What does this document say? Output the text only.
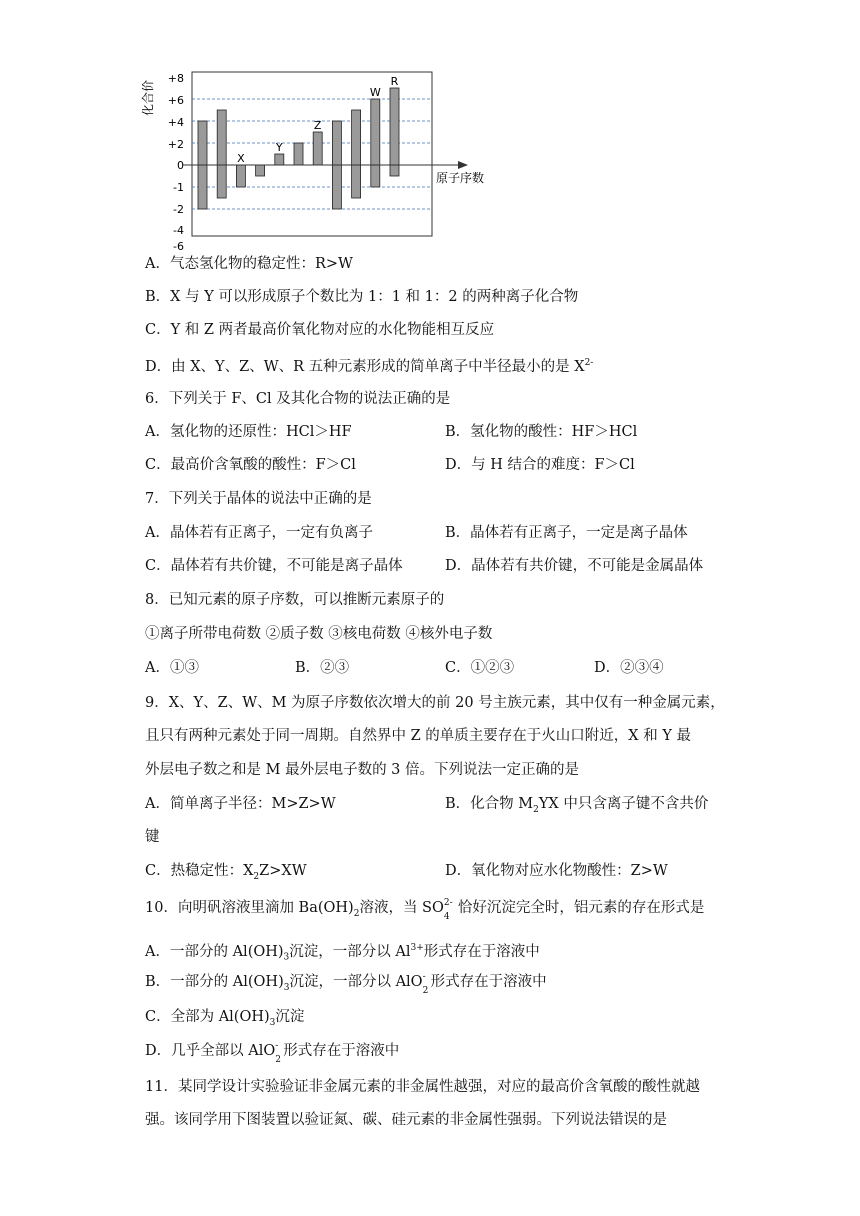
化合价
+8
+6
+4
+2
0
-1
-2
-4
-6
X
Y
Z
W
R
原子序数
A．气态氢化物的稳定性：R>W
B．X 与 Y 可以形成原子个数比为 1：1 和 1：2 的两种离子化合物
C．Y 和 Z 两者最高价氧化物对应的水化物能相互反应
D．由 X、Y、Z、W、R 五种元素形成的简单离子中半径最小的是 $X^{2-}$
6．下列关于 F、Cl 及其化合物的说法正确的是
A．氢化物的还原性：HCl＞HF	B．氢化物的酸性：HF＞HCl
C．最高价含氧酸的酸性：F＞Cl	D．与 H 结合的难度：F＞Cl
7．下列关于晶体的说法中正确的是
A．晶体若有正离子，一定有负离子	B．晶体若有正离子，一定是离子晶体
C．晶体若有共价键，不可能是离子晶体	D．晶体若有共价键，不可能是金属晶体
8．已知元素的原子序数，可以推断元素原子的
①离子所带电荷数 ②质子数 ③核电荷数 ④核外电子数
A．①③	B．②③	C．①②③	D．②③④
9．X、Y、Z、W、M 为原子序数依次增大的前 20 号主族元素，其中仅有一种金属元素，
且只有两种元素处于同一周期。自然界中 Z 的单质主要存在于火山口附近，X 和 Y 最
外层电子数之和是 M 最外层电子数的 3 倍。下列说法一定正确的是
A．简单离子半径：M>Z>W	B．化合物 $M_2YX$ 中只含离子键不含共价
键
C．热稳定性：$X_2Z>XW$	D．氧化物对应水化物酸性：Z>W
10．向明矾溶液里滴加 $Ba(OH)_2$溶液，当 SO 2-
4
恰好沉淀完全时，铝元素的存在形式是
A．一部分的 $Al(OH)_3$沉淀，一部分以 $Al^{3+}$形式存在于溶液中
B．一部分的 $Al(OH)_3$沉淀，一部分以 AlO -
2
形式存在于溶液中
C．全部为 $Al(OH)_3$沉淀
D．几乎全部以 AlO -
2
形式存在于溶液中
11．某同学设计实验验证非金属元素的非金属性越强，对应的最高价含氧酸的酸性就越
强。该同学用下图装置以验证氮、碳、硅元素的非金属性强弱。下列说法错误的是
